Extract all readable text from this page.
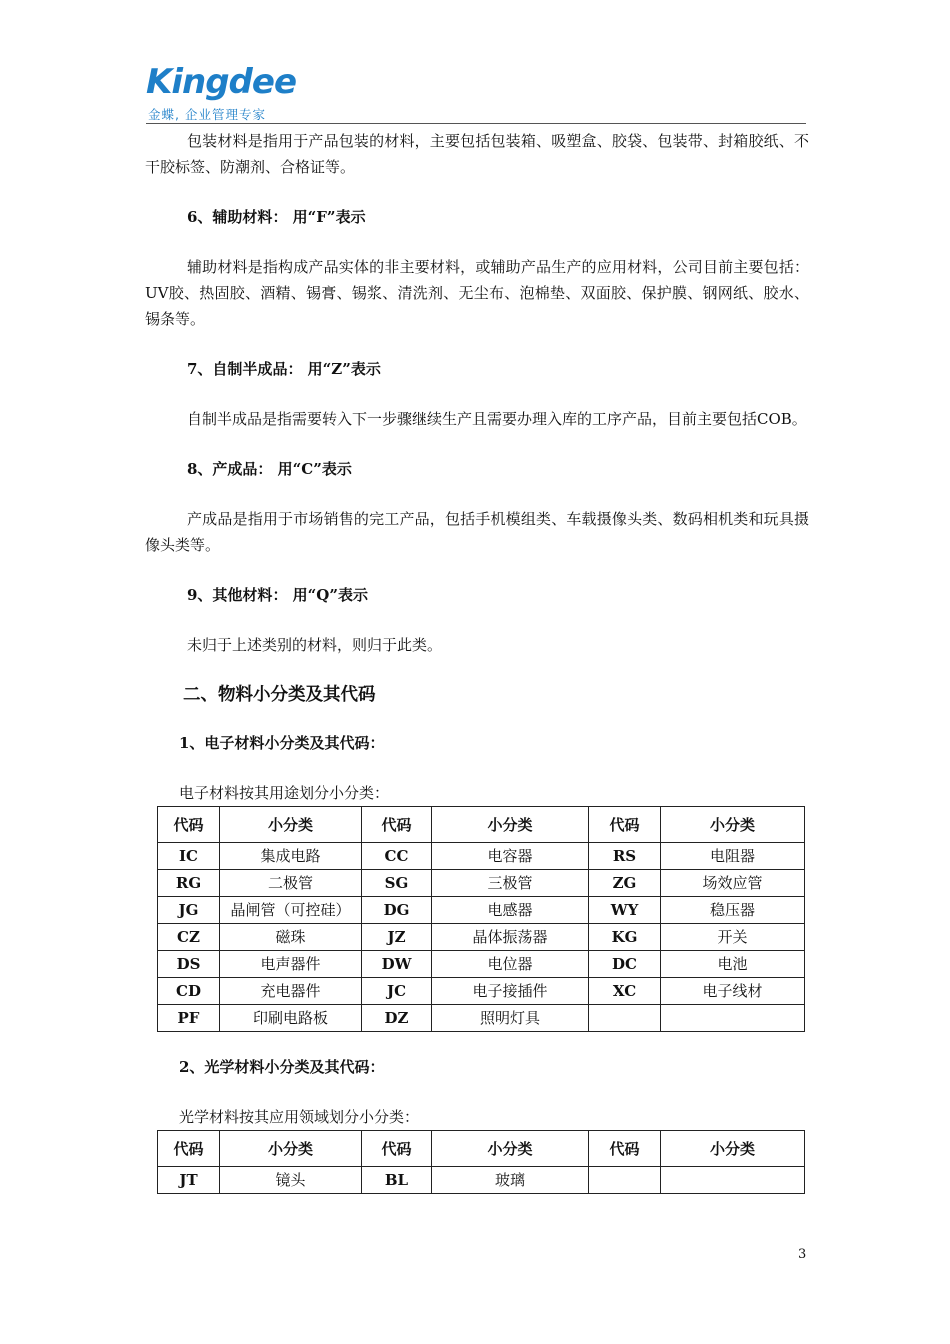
Kingdee
金蝶, 企业管理专家

包装材料是指用于产品包装的材料，主要包括包装箱、吸塑盒、胶袋、包装带、封箱胶纸、不干胶标签、防潮剂、合格证等。

6、辅助材料： 用“F”表示

辅助材料是指构成产品实体的非主要材料，或辅助产品生产的应用材料，公司目前主要包括：UV胶、热固胶、酒精、锡膏、锡浆、清洗剂、无尘布、泡棉垫、双面胶、保护膜、钢网纸、胶水、锡条等。

7、自制半成品： 用“Z”表示

自制半成品是指需要转入下一步骤继续生产且需要办理入库的工序产品，目前主要包括COB。

8、产成品： 用“C”表示

产成品是指用于市场销售的完工产品，包括手机模组类、车载摄像头类、数码相机类和玩具摄像头类等。

9、其他材料： 用“Q”表示

未归于上述类别的材料，则归于此类。

二、物料小分类及其代码

1、电子材料小分类及其代码：

电子材料按其用途划分小分类：

代码	小分类	代码	小分类	代码	小分类
IC	集成电路	CC	电容器	RS	电阻器
RG	二极管	SG	三极管	ZG	场效应管
JG	晶闸管（可控硅）	DG	电感器	WY	稳压器
CZ	磁珠	JZ	晶体振荡器	KG	开关
DS	电声器件	DW	电位器	DC	电池
CD	充电器件	JC	电子接插件	XC	电子线材
PF	印刷电路板	DZ	照明灯具		

2、光学材料小分类及其代码：

光学材料按其应用领域划分小分类：

代码	小分类	代码	小分类	代码	小分类
JT	镜头	BL	玻璃		
3
